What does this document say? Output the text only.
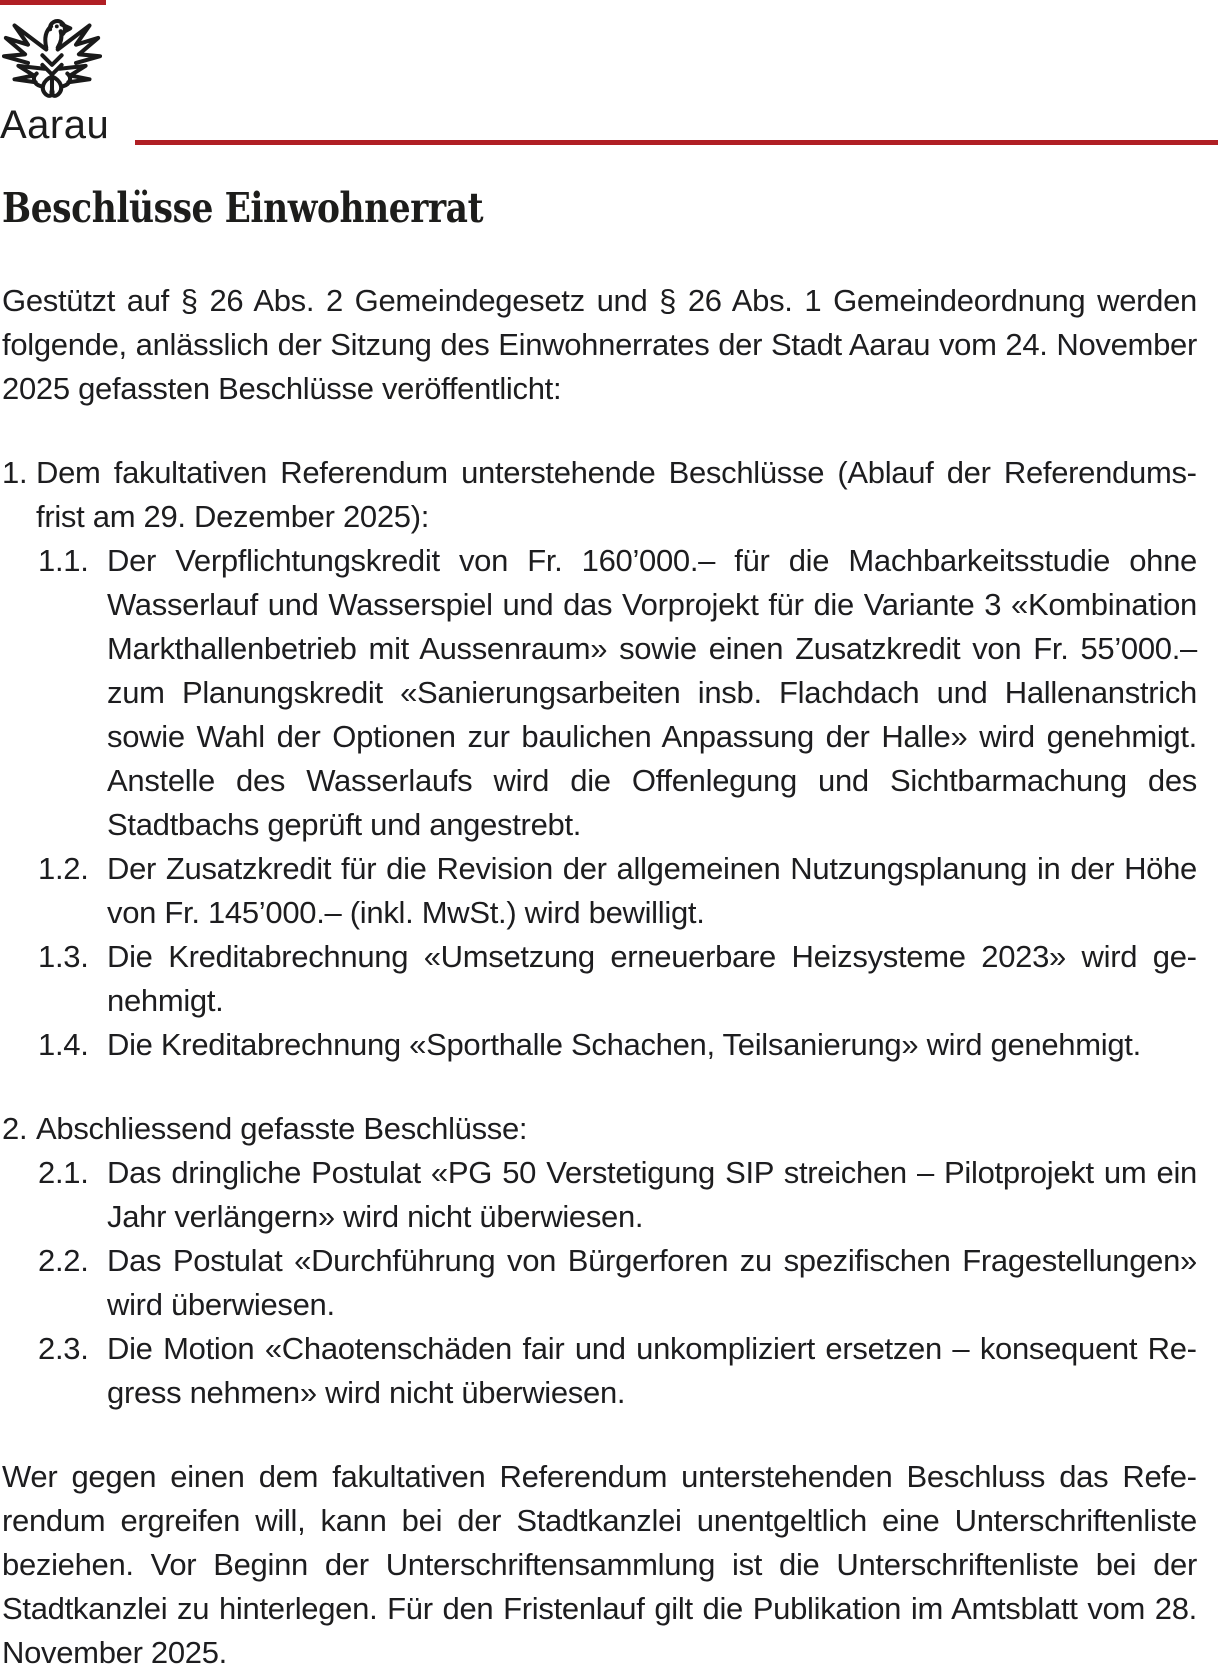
Aarau
Beschlüsse Einwohnerrat

Gestützt auf § 26 Abs. 2 Gemeindegesetz und § 26 Abs. 1 Gemeindeordnung werden folgende, anlässlich der Sitzung des Einwohnerrates der Stadt Aarau vom 24. November 2025 gefassten Beschlüsse veröffentlicht:

1. Dem fakultativen Referendum unterstehende Beschlüsse (Ablauf der Referendumsfrist am 29. Dezember 2025):
1.1. Der Verpflichtungskredit von Fr. 160’000.– für die Machbarkeitsstudie ohne Wasserlauf und Wasserspiel und das Vorprojekt für die Variante 3 «Kombination Markthallenbetrieb mit Aussenraum» sowie einen Zusatzkredit von Fr. 55’000.– zum Planungskredit «Sanierungsarbeiten insb. Flachdach und Hallenanstrich sowie Wahl der Optionen zur baulichen Anpassung der Halle» wird genehmigt. Anstelle des Wasserlaufs wird die Offenlegung und Sichtbarmachung des Stadtbachs geprüft und angestrebt.
1.2. Der Zusatzkredit für die Revision der allgemeinen Nutzungsplanung in der Höhe von Fr. 145’000.– (inkl. MwSt.) wird bewilligt.
1.3. Die Kreditabrechnung «Umsetzung erneuerbare Heizsysteme 2023» wird genehmigt.
1.4. Die Kreditabrechnung «Sporthalle Schachen, Teilsanierung» wird genehmigt.
2. Abschliessend gefasste Beschlüsse:
2.1. Das dringliche Postulat «PG 50 Verstetigung SIP streichen – Pilotprojekt um ein Jahr verlängern» wird nicht überwiesen.
2.2. Das Postulat «Durchführung von Bürgerforen zu spezifischen Fragestellungen» wird überwiesen.
2.3. Die Motion «Chaotenschäden fair und unkompliziert ersetzen – konsequent Regress nehmen» wird nicht überwiesen.

Wer gegen einen dem fakultativen Referendum unterstehenden Beschluss das Referendum ergreifen will, kann bei der Stadtkanzlei unentgeltlich eine Unterschriftenliste beziehen. Vor Beginn der Unterschriftensammlung ist die Unterschriftenliste bei der Stadtkanzlei zu hinterlegen. Für den Fristenlauf gilt die Publikation im Amtsblatt vom 28. November 2025.
